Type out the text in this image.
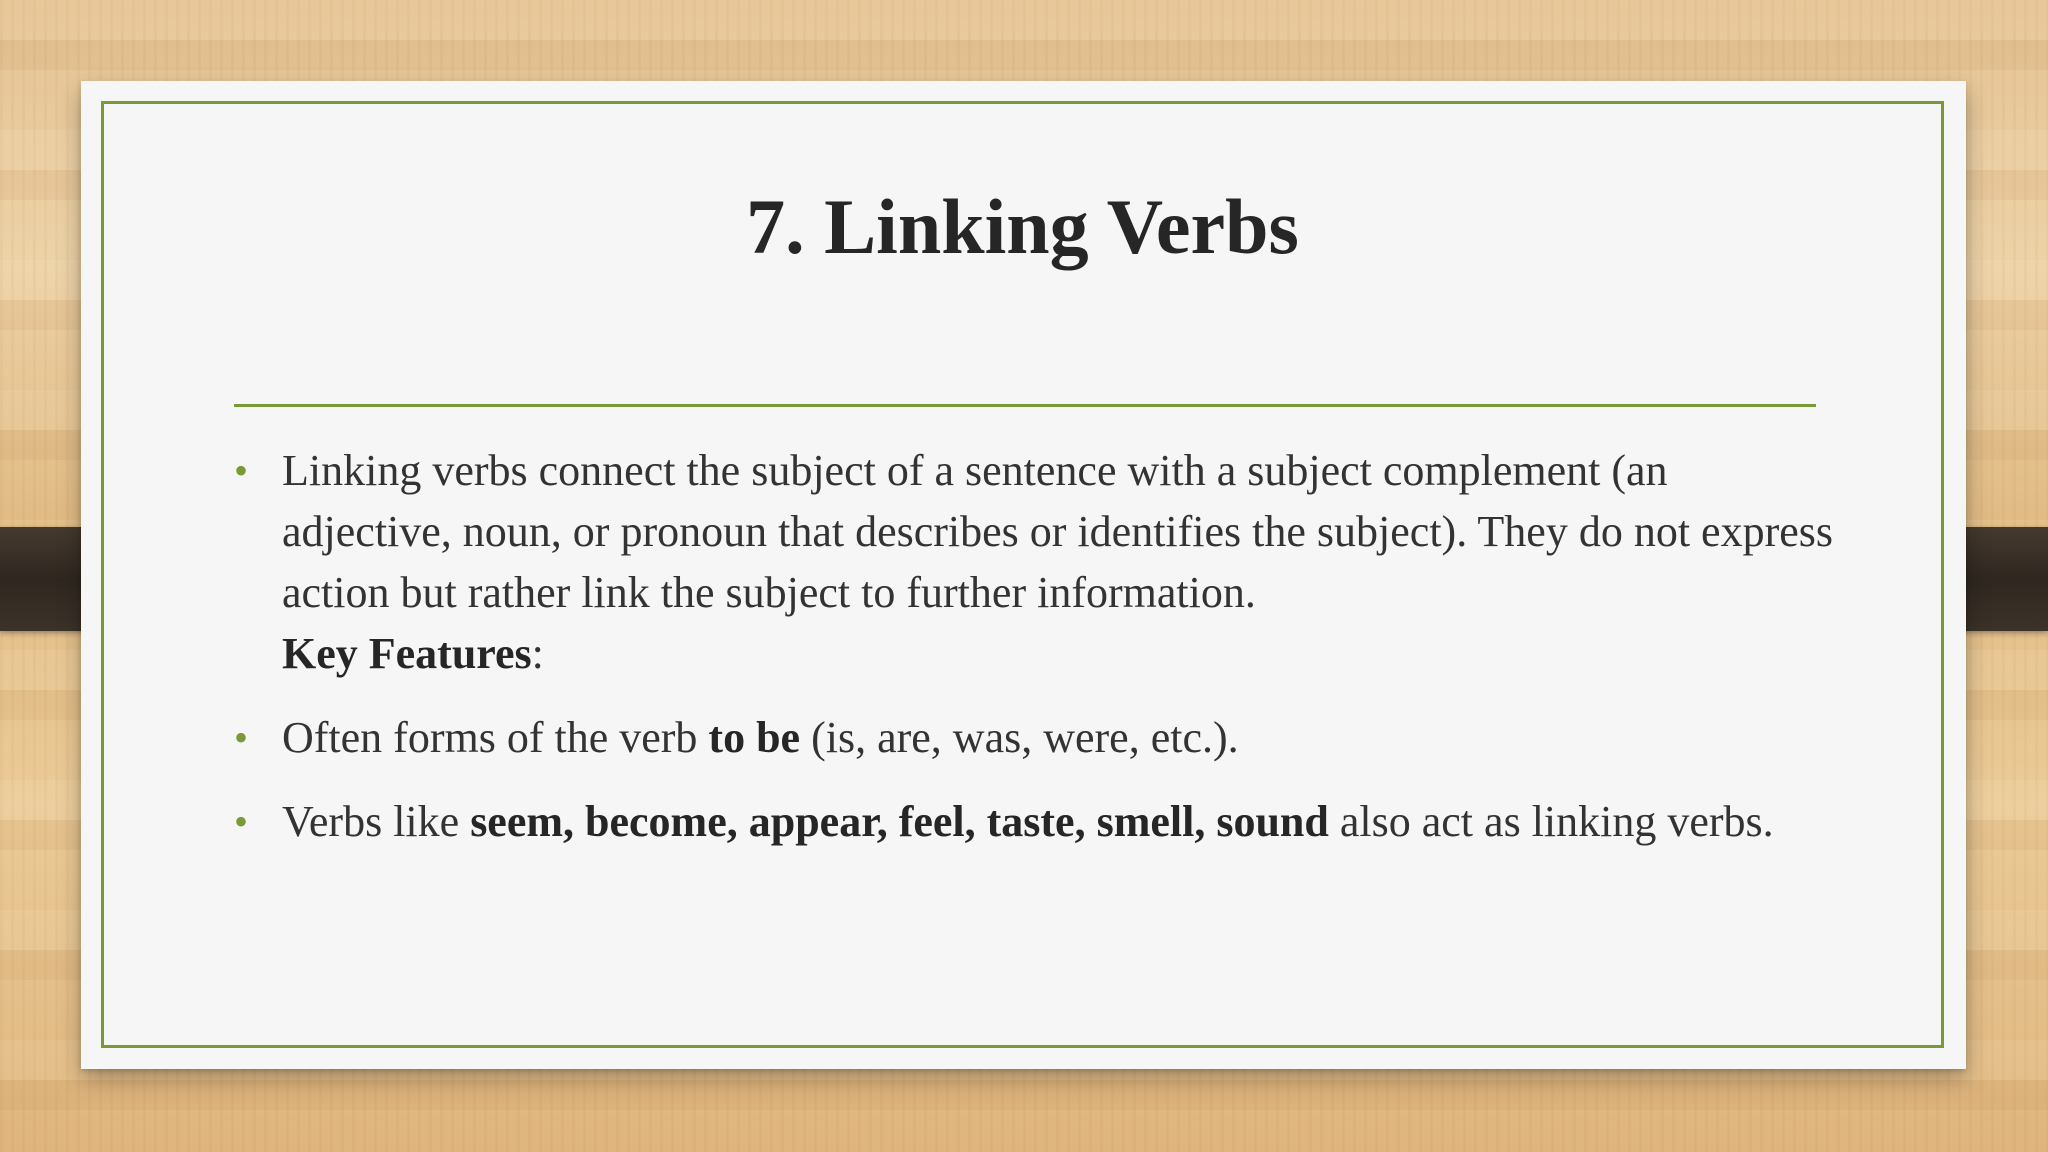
7. Linking Verbs
• Linking verbs connect the subject of a sentence with a subject complement (an adjective, noun, or pronoun that describes or identifies the subject). They do not express action but rather link the subject to further information.
Key Features:
• Often forms of the verb to be (is, are, was, were, etc.).
• Verbs like seem, become, appear, feel, taste, smell, sound also act as linking verbs.
